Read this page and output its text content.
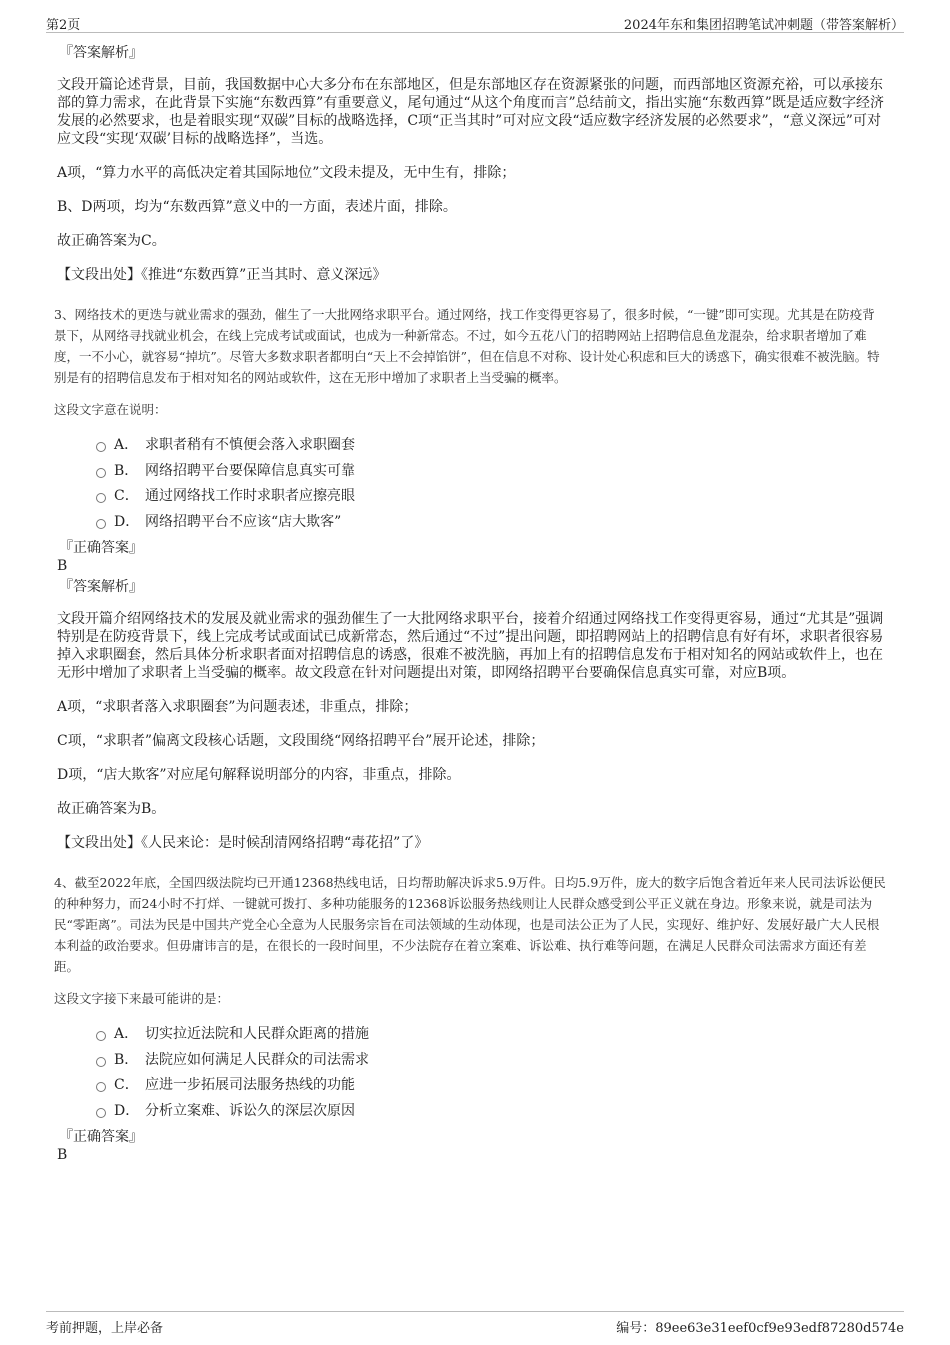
第2页	2024年东和集团招聘笔试冲刺题（带答案解析）
『答案解析』

文段开篇论述背景，目前，我国数据中心大多分布在东部地区，但是东部地区存在资源紧张的问题，而西部地区资源充裕，可以承接东部的算力需求，在此背景下实施“东数西算”有重要意义，尾句通过“从这个角度而言”总结前文，指出实施“东数西算”既是适应数字经济发展的必然要求，也是着眼实现“双碳”目标的战略选择，C项“正当其时”可对应文段“适应数字经济发展的必然要求”，“意义深远”可对应文段“实现‘双碳’目标的战略选择”，当选。

A项，“算力水平的高低决定着其国际地位”文段未提及，无中生有，排除；

B、D两项，均为“东数西算”意义中的一方面，表述片面，排除。

故正确答案为C。

【文段出处】《推进“东数西算”正当其时、意义深远》

3、网络技术的更迭与就业需求的强劲，催生了一大批网络求职平台。通过网络，找工作变得更容易了，很多时候，“一键”即可实现。尤其是在防疫背景下，从网络寻找就业机会，在线上完成考试或面试，也成为一种新常态。不过，如今五花八门的招聘网站上招聘信息鱼龙混杂，给求职者增加了难度，一不小心，就容易“掉坑”。尽管大多数求职者都明白“天上不会掉馅饼”，但在信息不对称、设计处心积虑和巨大的诱惑下，确实很难不被洗脑。特别是有的招聘信息发布于相对知名的网站或软件，这在无形中增加了求职者上当受骗的概率。

这段文字意在说明：

A． 求职者稍有不慎便会落入求职圈套
B． 网络招聘平台要保障信息真实可靠
C． 通过网络找工作时求职者应擦亮眼
D． 网络招聘平台不应该“店大欺客”
『正确答案』
B
『答案解析』

文段开篇介绍网络技术的发展及就业需求的强劲催生了一大批网络求职平台，接着介绍通过网络找工作变得更容易，通过“尤其是”强调特别是在防疫背景下，线上完成考试或面试已成新常态，然后通过“不过”提出问题，即招聘网站上的招聘信息有好有坏，求职者很容易掉入求职圈套，然后具体分析求职者面对招聘信息的诱惑，很难不被洗脑，再加上有的招聘信息发布于相对知名的网站或软件上，也在无形中增加了求职者上当受骗的概率。故文段意在针对问题提出对策，即网络招聘平台要确保信息真实可靠，对应B项。

A项，“求职者落入求职圈套”为问题表述，非重点，排除；

C项，“求职者”偏离文段核心话题，文段围绕“网络招聘平台”展开论述，排除；

D项，“店大欺客”对应尾句解释说明部分的内容，非重点，排除。

故正确答案为B。

【文段出处】《人民来论：是时候刮清网络招聘“毒花招”了》

4、截至2022年底，全国四级法院均已开通12368热线电话，日均帮助解决诉求5.9万件。日均5.9万件，庞大的数字后饱含着近年来人民司法诉讼便民的种种努力，而24小时不打烊、一键就可拨打、多种功能服务的12368诉讼服务热线则让人民群众感受到公平正义就在身边。形象来说，就是司法为民“零距离”。司法为民是中国共产党全心全意为人民服务宗旨在司法领域的生动体现，也是司法公正为了人民，实现好、维护好、发展好最广大人民根本利益的政治要求。但毋庸讳言的是，在很长的一段时间里，不少法院存在着立案难、诉讼难、执行难等问题，在满足人民群众司法需求方面还有差距。

这段文字接下来最可能讲的是：

A． 切实拉近法院和人民群众距离的措施
B． 法院应如何满足人民群众的司法需求
C． 应进一步拓展司法服务热线的功能
D． 分析立案难、诉讼久的深层次原因
『正确答案』
B
考前押题，上岸必备	编号：89ee63e31eef0cf9e93edf87280d574e
